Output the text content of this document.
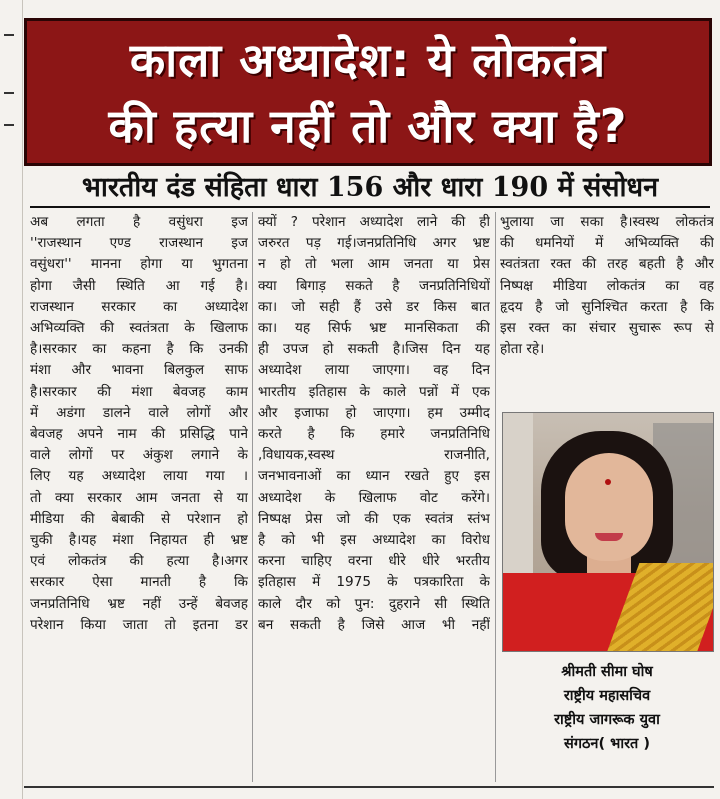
काला अध्यादेश: ये लोकतंत्र
की हत्या नहीं तो और क्या है?
भारतीय दंड संहिता धारा 156 और धारा 190 में संसोधन
अब लगता है वसुंधरा इज
''राजस्थान एण्ड राजस्थान इज
वसुंधरा'' मानना होगा या भुगतना
होगा जैसी स्थिति आ गई है।
राजस्थान सरकार का अध्यादेश
अभिव्यक्ति की स्वतंत्रता के खिलाफ
है।सरकार का कहना है कि उनकी
मंशा और भावना बिलकुल साफ
है।सरकार की मंशा बेवजह काम
में अडंगा डालने वाले लोगों और
बेवजह अपने नाम की प्रसिद्धि पाने
वाले लोगों पर अंकुश लगाने के
लिए यह अध्यादेश लाया गया ।
तो क्या सरकार आम जनता से या
मीडिया की बेबाकी से परेशान हो
चुकी है।यह मंशा निहायत ही भ्रष्ट
एवं लोकतंत्र की हत्या है।अगर
सरकार ऐसा मानती है कि
जनप्रतिनिधि भ्रष्ट नहीं उन्हें बेवजह
परेशान किया जाता तो इतना डर
क्यों ? परेशान अध्यादेश लाने की ही
जरुरत पड़ गई।जनप्रतिनिधि अगर भ्रष्ट
न हो तो भला आम जनता या प्रेस
क्या बिगाड़ सकते है जनप्रतिनिधियों
का। जो सही हैं उसे डर किस बात
का। यह सिर्फ भ्रष्ट मानसिकता की
ही उपज हो सकती है।जिस दिन यह
अध्यादेश लाया जाएगा। वह दिन
भारतीय इतिहास के काले पन्नों में एक
और इजाफा हो जाएगा। हम उम्मीद
करते है कि हमारे जनप्रतिनिधि
,विधायक,स्वस्थ राजनीति,
जनभावनाओं का ध्यान रखते हुए इस
अध्यादेश के खिलाफ वोट करेंगे।
निष्पक्ष प्रेस जो की एक स्वतंत्र स्तंभ
है को भी इस अध्यादेश का विरोध
करना चाहिए वरना धीरे धीरे भरतीय
इतिहास में 1975 के पत्रकारिता के
काले दौर को पुन: दुहराने सी स्थिति
बन सकती है जिसे आज भी नहीं
भुलाया जा सका है।स्वस्थ लोकतंत्र
की धमनियों में अभिव्यक्ति की
स्वतंत्रता रक्त की तरह बहती है और
निष्पक्ष मीडिया लोकतंत्र का वह
हृदय है जो सुनिश्चित करता है कि
इस रक्त का संचार सुचारू रूप से
होता रहे।
श्रीमती सीमा घोष
राष्ट्रीय महासचिव
राष्ट्रीय जागरूक युवा
संगठन( भारत )
